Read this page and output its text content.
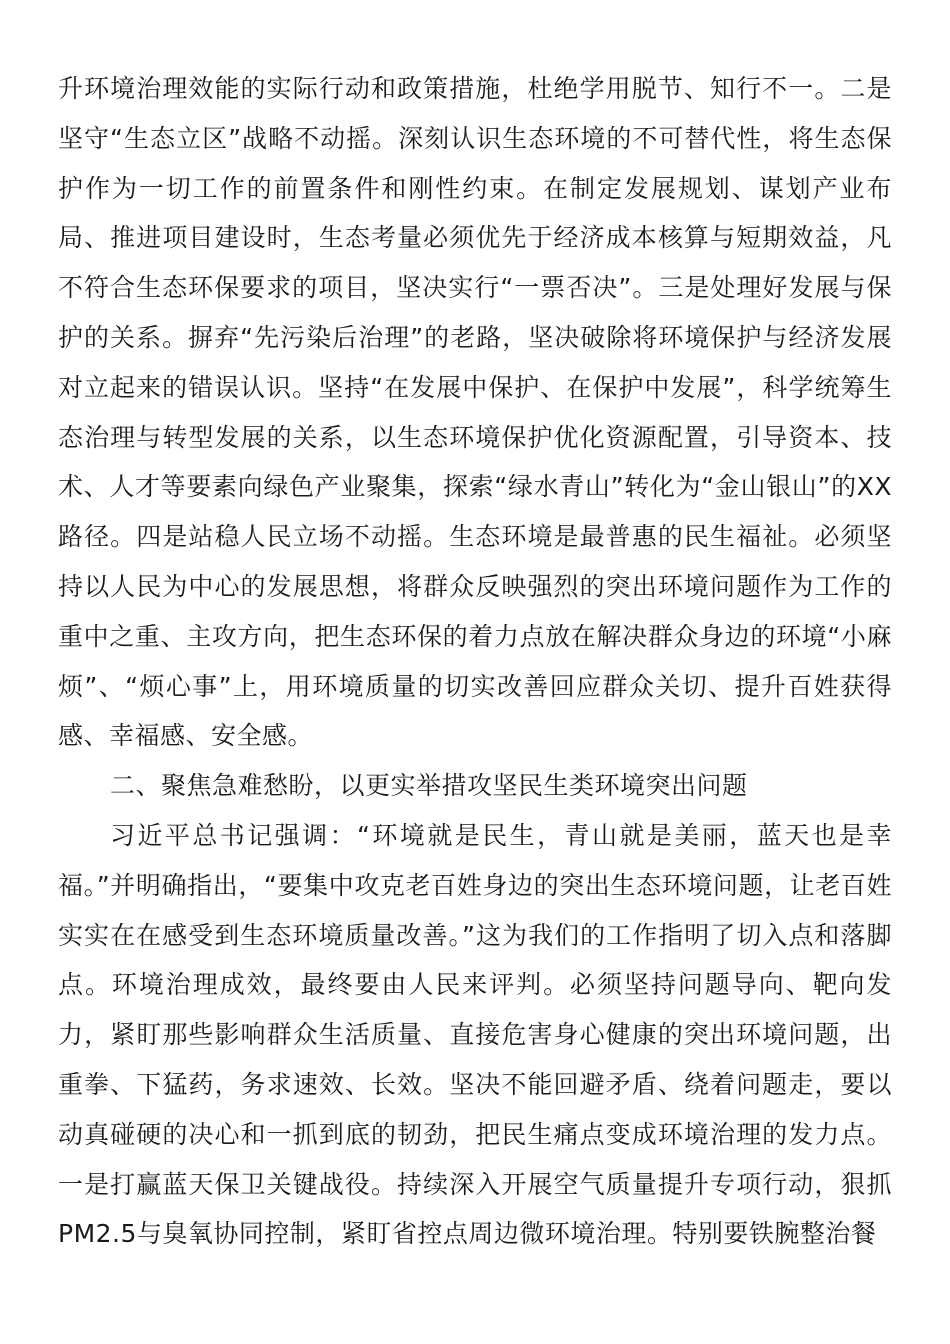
升环境治理效能的实际行动和政策措施，杜绝学用脱节、知行不一。二是坚守“生态立区”战略不动摇。深刻认识生态环境的不可替代性，将生态保护作为一切工作的前置条件和刚性约束。在制定发展规划、谋划产业布局、推进项目建设时，生态考量必须优先于经济成本核算与短期效益，凡不符合生态环保要求的项目，坚决实行“一票否决”。三是处理好发展与保护的关系。摒弃“先污染后治理”的老路，坚决破除将环境保护与经济发展对立起来的错误认识。坚持“在发展中保护、在保护中发展”，科学统筹生态治理与转型发展的关系，以生态环境保护优化资源配置，引导资本、技术、人才等要素向绿色产业聚集，探索“绿水青山”转化为“金山银山”的XX路径。四是站稳人民立场不动摇。生态环境是最普惠的民生福祉。必须坚持以人民为中心的发展思想，将群众反映强烈的突出环境问题作为工作的重中之重、主攻方向，把生态环保的着力点放在解决群众身边的环境“小麻烦”、“烦心事”上，用环境质量的切实改善回应群众关切、提升百姓获得感、幸福感、安全感。

二、聚焦急难愁盼，以更实举措攻坚民生类环境突出问题

习近平总书记强调：“环境就是民生，青山就是美丽，蓝天也是幸福。”并明确指出，“要集中攻克老百姓身边的突出生态环境问题，让老百姓实实在在感受到生态环境质量改善。”这为我们的工作指明了切入点和落脚点。环境治理成效，最终要由人民来评判。必须坚持问题导向、靶向发力，紧盯那些影响群众生活质量、直接危害身心健康的突出环境问题，出重拳、下猛药，务求速效、长效。坚决不能回避矛盾、绕着问题走，要以动真碰硬的决心和一抓到底的韧劲，把民生痛点变成环境治理的发力点。一是打赢蓝天保卫关键战役。持续深入开展空气质量提升专项行动，狠抓PM2.5与臭氧协同控制，紧盯省控点周边微环境治理。特别要铁腕整治餐
